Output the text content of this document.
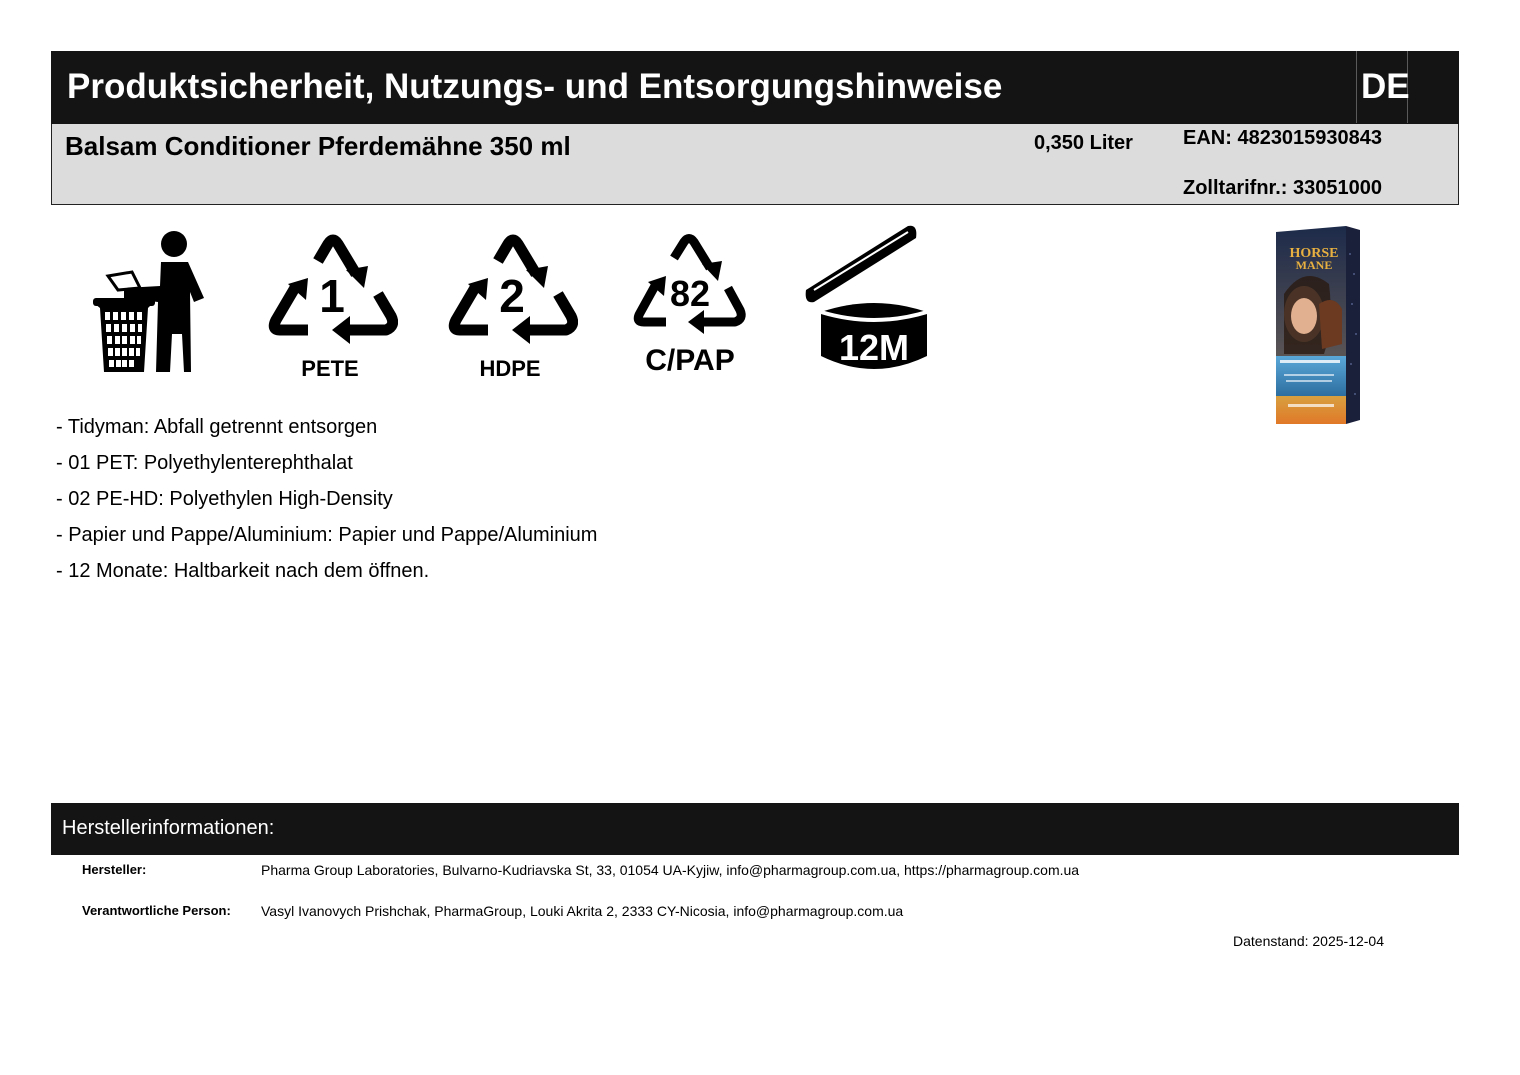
Produktsicherheit, Nutzungs- und Entsorgungshinweise	DE
Balsam Conditioner Pferdemähne 350 ml	0,350 Liter	EAN: 4823015930843
Zolltarifnr.: 33051000
1
PETE
2
HDPE
82
C/PAP	12M
HORSE
MANE
- Tidyman: Abfall getrennt entsorgen
- 01 PET: Polyethylenterephthalat
- 02 PE-HD: Polyethylen High-Density
- Papier und Pappe/Aluminium: Papier und Pappe/Aluminium
- 12 Monate: Haltbarkeit nach dem öffnen.
Herstellerinformationen:
Hersteller:	Pharma Group Laboratories, Bulvarno-Kudriavska St, 33, 01054 UA-Kyjiw, info@pharmagroup.com.ua, https://pharmagroup.com.ua
Verantwortliche Person: Vasyl Ivanovych Prishchak, PharmaGroup, Louki Akrita 2, 2333 CY-Nicosia, info@pharmagroup.com.ua
Datenstand: 2025-12-04
